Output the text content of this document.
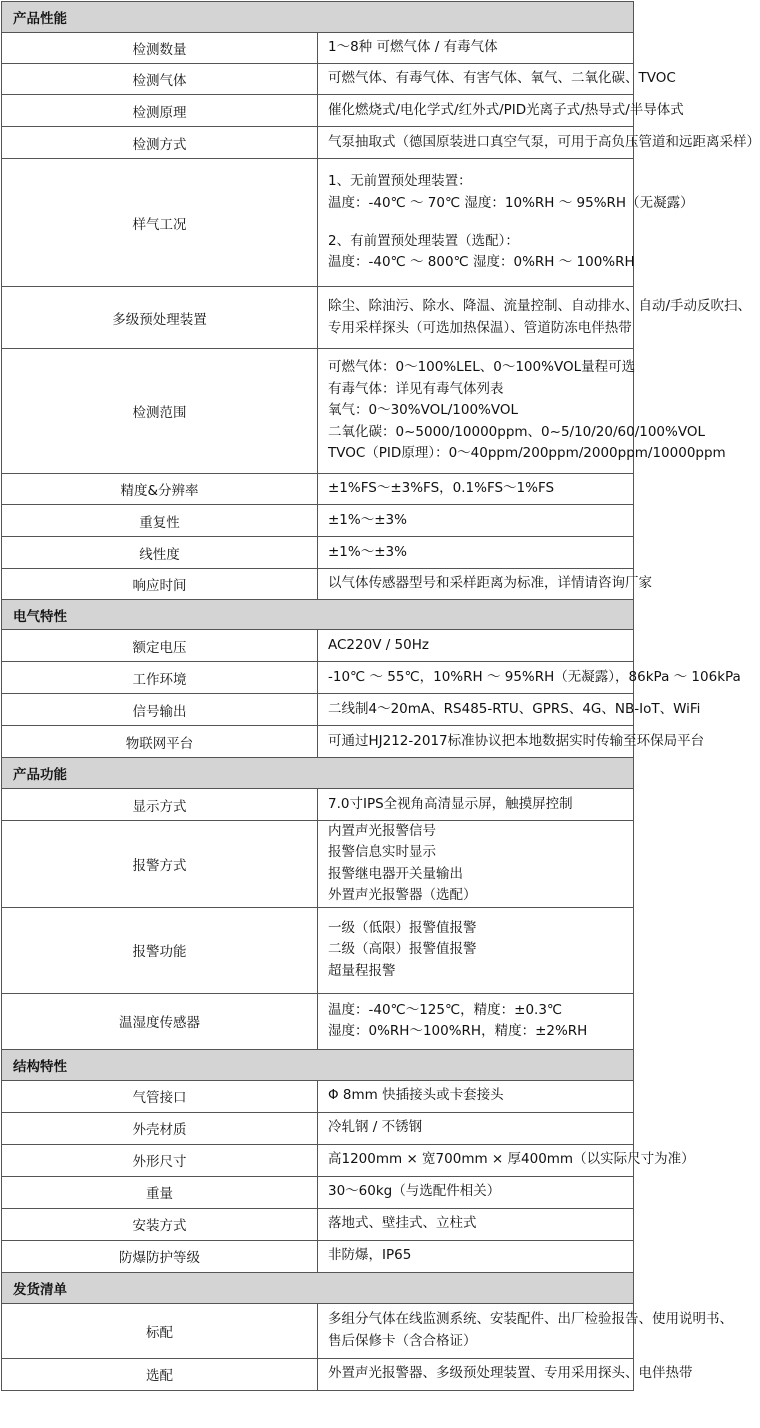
产品性能	
检测数量	1～8种 可燃气体 / 有毒气体

检测气体	可燃气体、有毒气体、有害气体、氧气、二氧化碳、TVOC

检测原理	催化燃烧式/电化学式/红外式/PID光离子式/热导式/半导体式

检测方式	气泵抽取式（德国原装进口真空气泵，可用于高负压管道和远距离采样）

样气工况	1、无前置预处理装置：
温度：-40℃ ～ 70℃ 湿度：10%RH ～ 95%RH（无凝露）
2、有前置预处理装置（选配）：
温度：-40℃ ～ 800℃ 湿度：0%RH ～ 100%RH

多级预处理装置	除尘、除油污、除水、降温、流量控制、自动排水、自动/手动反吹扫、
专用采样探头（可选加热保温）、管道防冻电伴热带

检测范围	可燃气体：0～100%LEL、0～100%VOL量程可选
有毒气体：详见有毒气体列表
氧气：0～30%VOL/100%VOL
二氧化碳：0~5000/10000ppm、0~5/10/20/60/100%VOL
TVOC（PID原理）：0～40ppm/200ppm/2000ppm/10000ppm

精度&分辨率	±1%FS～±3%FS，0.1%FS～1%FS

重复性	±1%～±3%

线性度	±1%～±3%

响应时间	以气体传感器型号和采样距离为标准，详情请咨询厂家

电气特性	
额定电压	AC220V / 50Hz

工作环境	-10℃ ～ 55℃，10%RH ～ 95%RH（无凝露），86kPa ～ 106kPa

信号输出	二线制4～20mA、RS485-RTU、GPRS、4G、NB-IoT、WiFi

物联网平台	可通过HJ212-2017标准协议把本地数据实时传输至环保局平台

产品功能	
显示方式	7.0寸IPS全视角高清显示屏，触摸屏控制

报警方式	内置声光报警信号
报警信息实时显示
报警继电器开关量输出
外置声光报警器（选配）

报警功能	一级（低限）报警值报警
二级（高限）报警值报警
超量程报警

温湿度传感器	温度：-40℃～125℃，精度：±0.3℃
湿度：0%RH～100%RH，精度：±2%RH

结构特性	
气管接口	Φ 8mm 快插接头或卡套接头

外壳材质	冷轧钢 / 不锈钢

外形尺寸	高1200mm × 宽700mm × 厚400mm（以实际尺寸为准）

重量	30～60kg（与选配件相关）

安装方式	落地式、壁挂式、立柱式

防爆防护等级	非防爆，IP65

发货清单	
标配	多组分气体在线监测系统、安装配件、出厂检验报告、使用说明书、
售后保修卡（含合格证）

选配	外置声光报警器、多级预处理装置、专用采用探头、电伴热带
